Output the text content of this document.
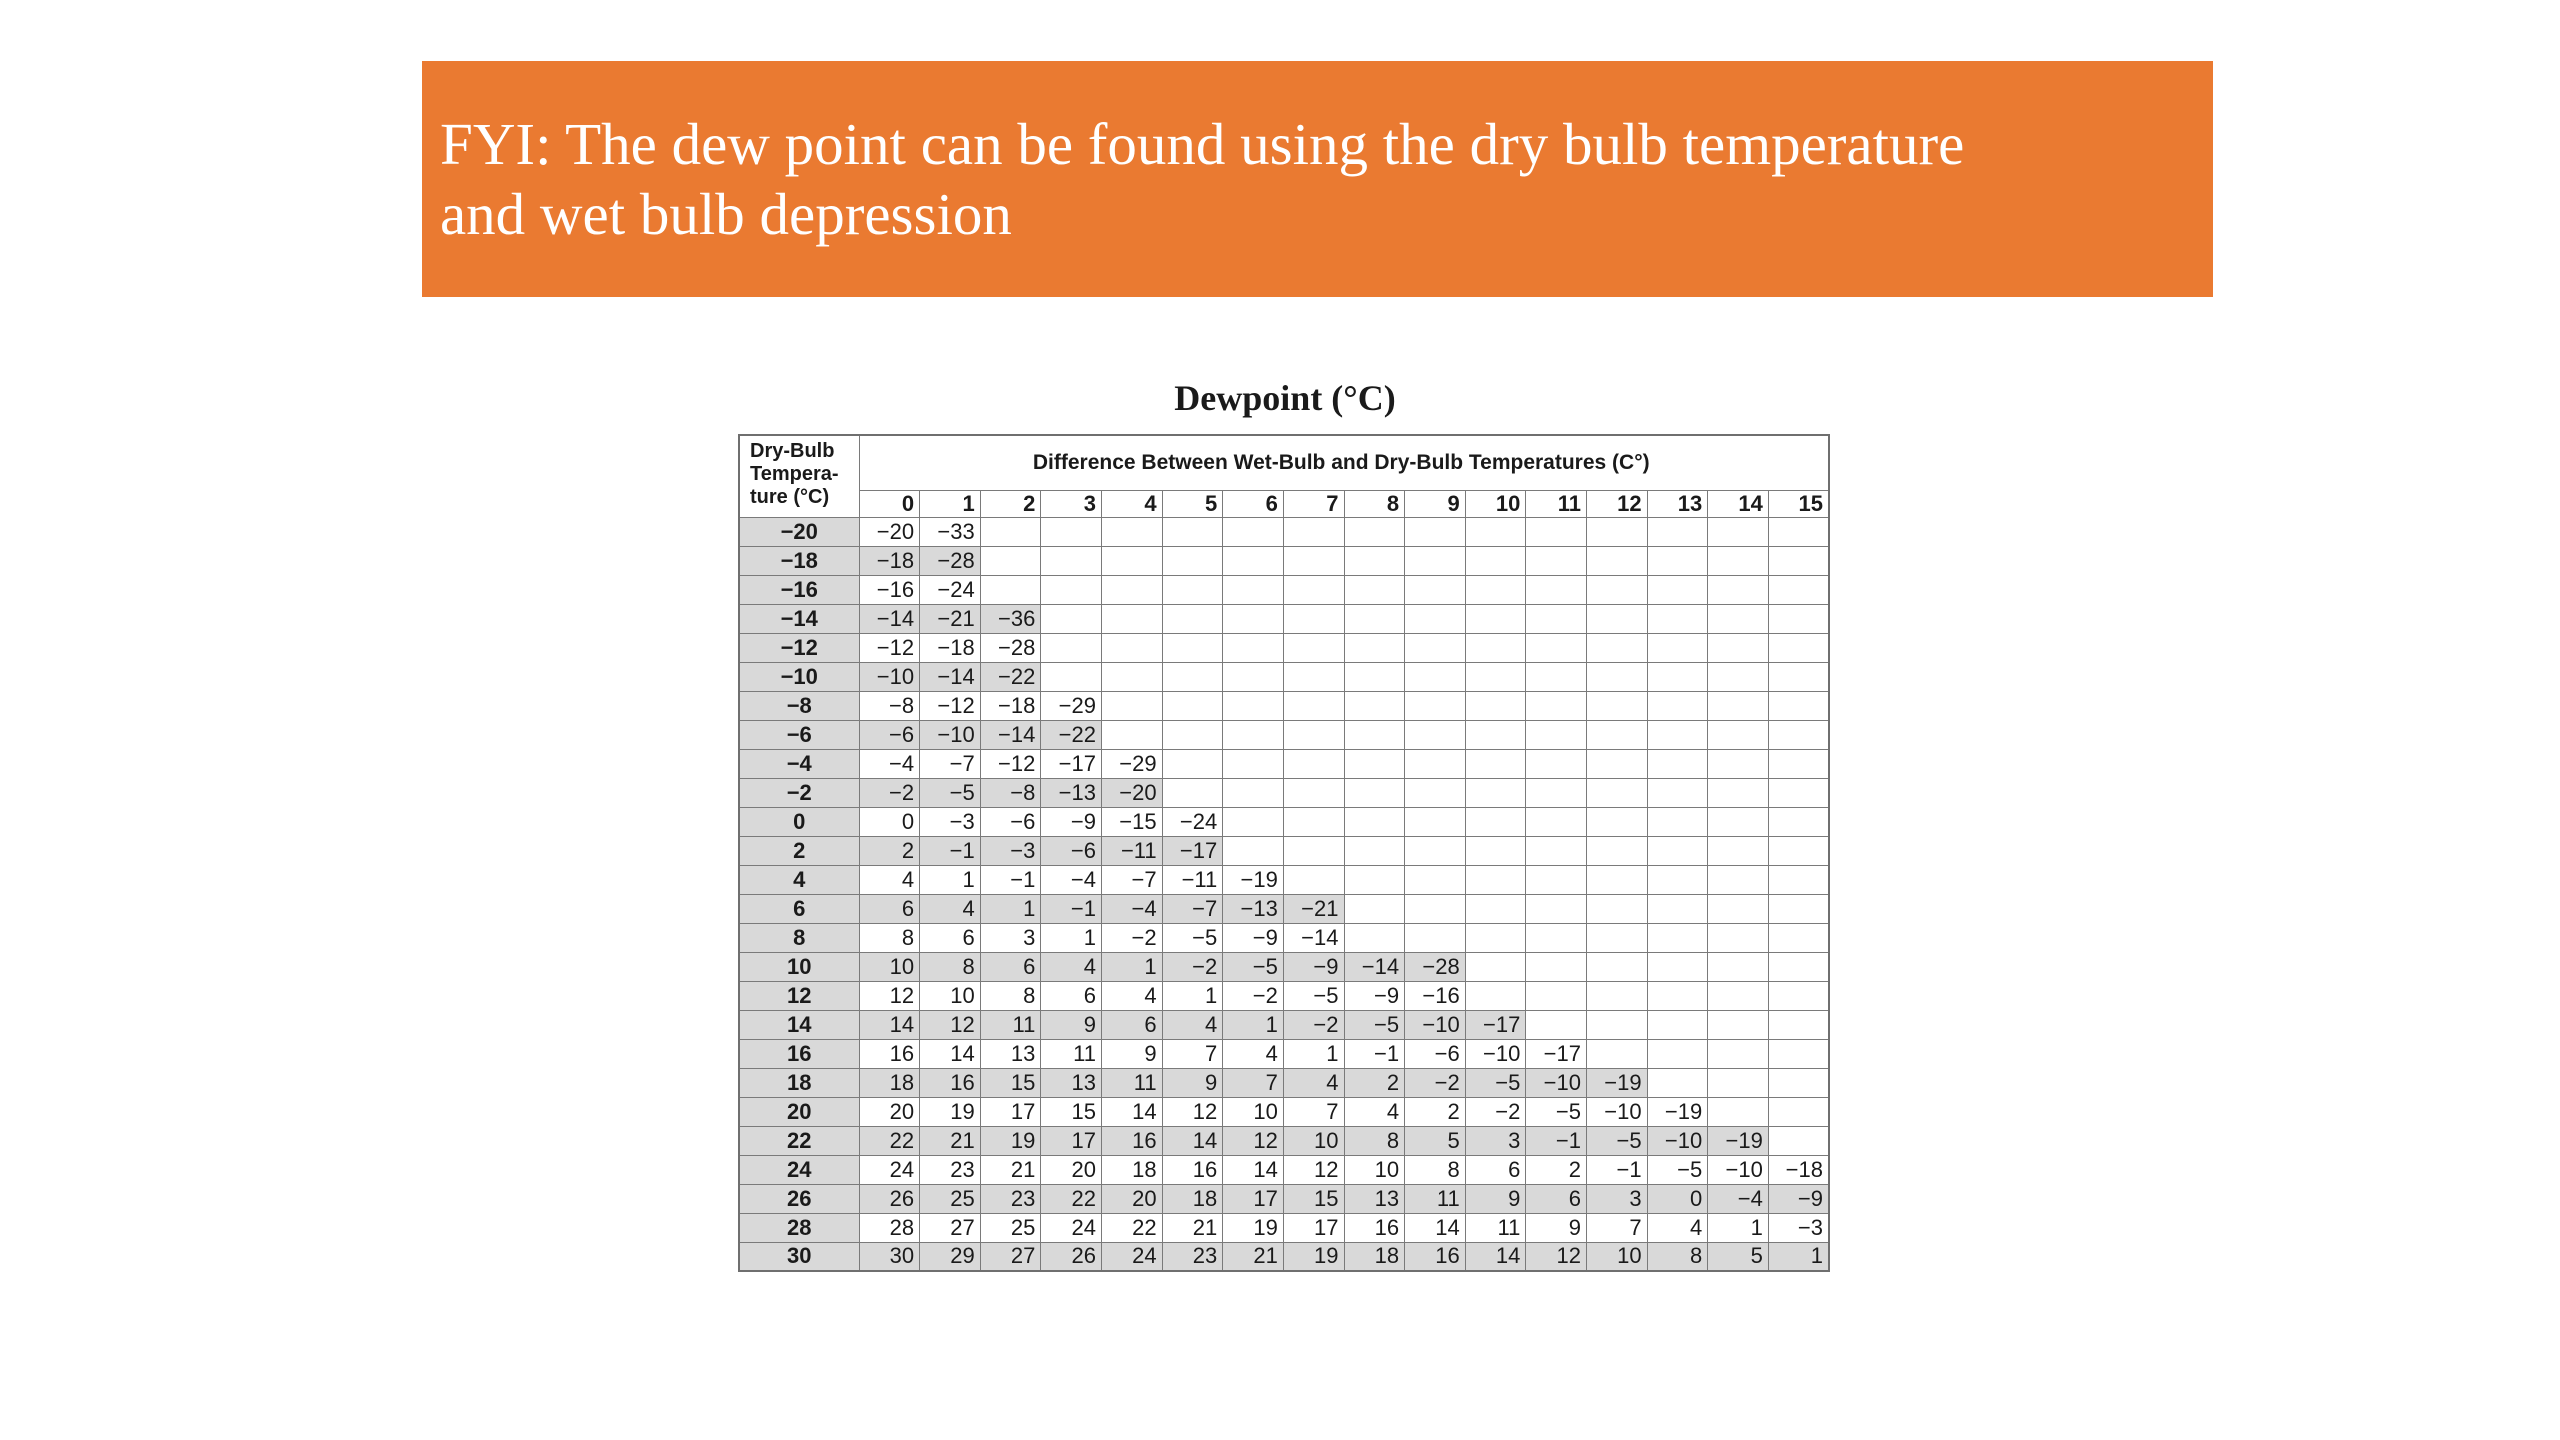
FYI: The dew point can be found using the dry bulb temperature
and wet bulb depression

Dewpoint (°C)
Dry-Bulb
Tempera-
ture (°C)	Difference Between Wet-Bulb and Dry-Bulb Temperatures (C°)															
	0	1	2	3	4	5	6	7	8	9	10	11	12	13	14	15
−20	−20	−33														
−18	−18	−28														
−16	−16	−24														
−14	−14	−21	−36													
−12	−12	−18	−28													
−10	−10	−14	−22													
−8	−8	−12	−18	−29												
−6	−6	−10	−14	−22												
−4	−4	−7	−12	−17	−29											
−2	−2	−5	−8	−13	−20											
0	0	−3	−6	−9	−15	−24										
2	2	−1	−3	−6	−11	−17										
4	4	1	−1	−4	−7	−11	−19									
6	6	4	1	−1	−4	−7	−13	−21								
8	8	6	3	1	−2	−5	−9	−14								
10	10	8	6	4	1	−2	−5	−9	−14	−28						
12	12	10	8	6	4	1	−2	−5	−9	−16						
14	14	12	11	9	6	4	1	−2	−5	−10	−17					
16	16	14	13	11	9	7	4	1	−1	−6	−10	−17				
18	18	16	15	13	11	9	7	4	2	−2	−5	−10	−19			
20	20	19	17	15	14	12	10	7	4	2	−2	−5	−10	−19		
22	22	21	19	17	16	14	12	10	8	5	3	−1	−5	−10	−19	
24	24	23	21	20	18	16	14	12	10	8	6	2	−1	−5	−10	−18
26	26	25	23	22	20	18	17	15	13	11	9	6	3	0	−4	−9
28	28	27	25	24	22	21	19	17	16	14	11	9	7	4	1	−3
30	30	29	27	26	24	23	21	19	18	16	14	12	10	8	5	1
